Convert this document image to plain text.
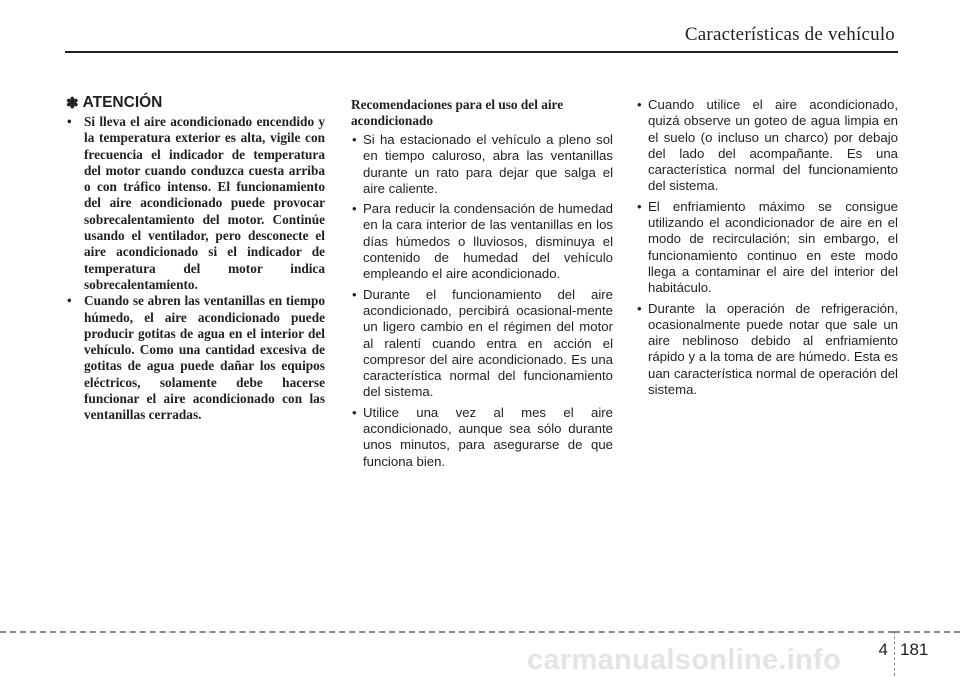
Características de vehículo
✽ ATENCIÓN
• Si lleva el aire acondicionado encendido y la temperatura exterior es alta, vigile con frecuencia el indicador de temperatura del motor cuando conduzca cuesta arriba o con tráfico intenso. El funcionamiento del aire acondicionado puede provocar sobrecalentamiento del motor. Continúe usando el ventilador, pero desconecte el aire acondicionado si el indicador de temperatura del motor indica sobrecalentamiento.
• Cuando se abren las ventanillas en tiempo húmedo, el aire acondicionado puede producir gotitas de agua en el interior del vehículo. Como una cantidad excesiva de gotitas de agua puede dañar los equipos eléctricos, solamente debe hacerse funcionar el aire acondicionado con las ventanillas cerradas.
Recomendaciones para el uso del aire acondicionado
• Si ha estacionado el vehículo a pleno sol en tiempo caluroso, abra las ventanillas durante un rato para dejar que salga el aire caliente.
• Para reducir la condensación de humedad en la cara interior de las ventanillas en los días húmedos o lluviosos, disminuya el contenido de humedad del vehículo empleando el aire acondicionado.
• Durante el funcionamiento del aire acondicionado, percibirá ocasional-mente un ligero cambio en el régimen del motor al ralentí cuando entra en acción el compresor del aire acondicionado. Es una característica normal del funcionamiento del sistema.
• Utilice una vez al mes el aire acondicionado, aunque sea sólo durante unos minutos, para asegurarse de que funciona bien.
• Cuando utilice el aire acondicionado, quizá observe un goteo de agua limpia en el suelo (o incluso un charco) por debajo del lado del acompañante. Es una característica normal del funcionamiento del sistema.
• El enfriamiento máximo se consigue utilizando el acondicionador de aire en el modo de recirculación; sin embargo, el funcionamiento continuo en este modo llega a contaminar el aire del interior del habitáculo.
• Durante la operación de refrigeración, ocasionalmente puede notar que sale un aire neblinoso debido al enfriamiento rápido y a la toma de are húmedo. Esta es uan característica normal de operación del sistema.
carmanualsonline.info 4 181
